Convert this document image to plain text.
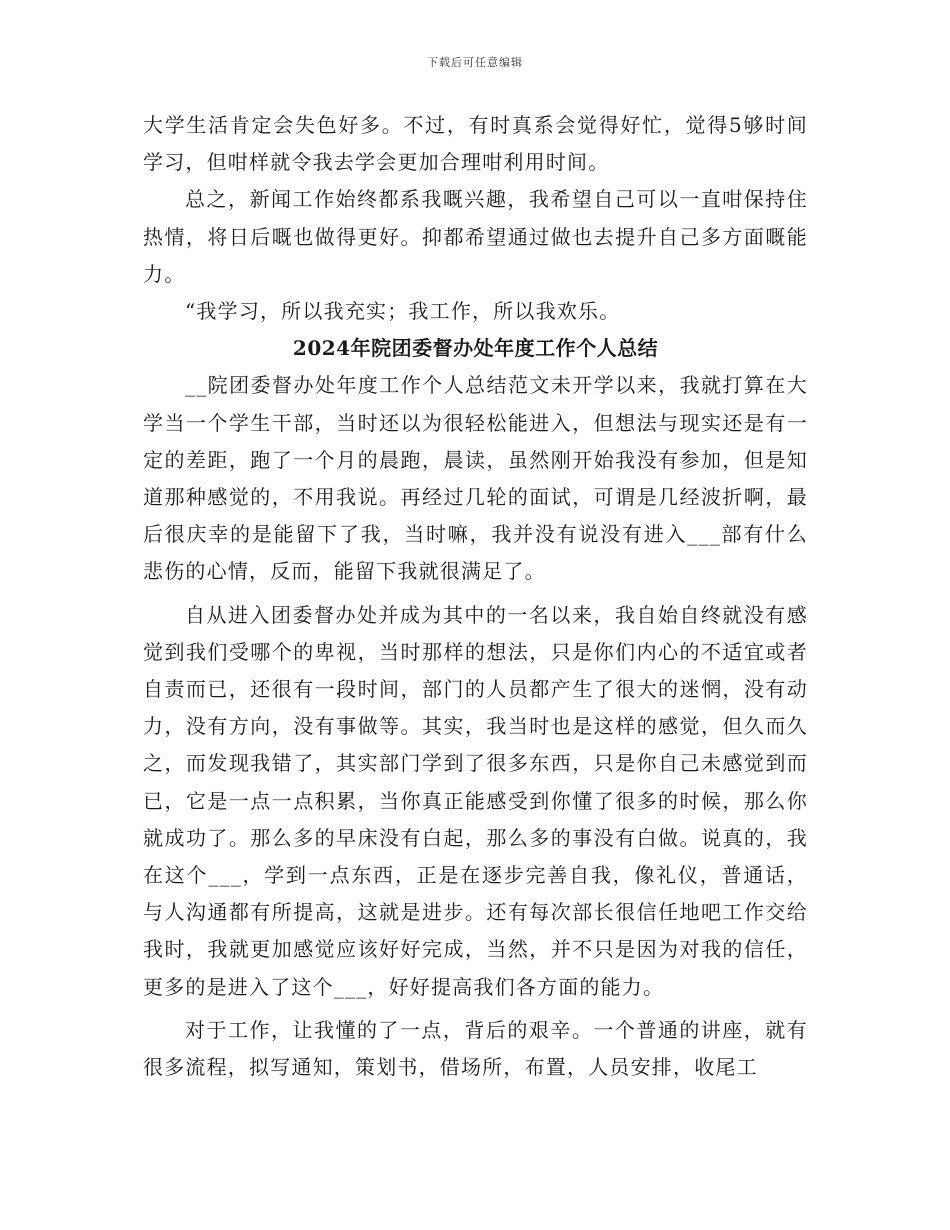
下载后可任意编辑

大学生活肯定会失色好多。不过，有时真系会觉得好忙，觉得5够时间学习，但咁样就令我去学会更加合理咁利用时间。

总之，新闻工作始终都系我嘅兴趣，我希望自己可以一直咁保持住热情，将日后嘅也做得更好。抑都希望通过做也去提升自己多方面嘅能力。

“我学习，所以我充实；我工作，所以我欢乐。

2024年院团委督办处年度工作个人总结

__院团委督办处年度工作个人总结范文未开学以来，我就打算在大学当一个学生干部，当时还以为很轻松能进入，但想法与现实还是有一定的差距，跑了一个月的晨跑，晨读，虽然刚开始我没有参加，但是知道那种感觉的，不用我说。再经过几轮的面试，可谓是几经波折啊，最后很庆幸的是能留下了我，当时嘛，我并没有说没有进入___部有什么悲伤的心情，反而，能留下我就很满足了。

自从进入团委督办处并成为其中的一名以来，我自始自终就没有感觉到我们受哪个的卑视，当时那样的想法，只是你们内心的不适宜或者自责而已，还很有一段时间，部门的人员都产生了很大的迷惘，没有动力，没有方向，没有事做等。其实，我当时也是这样的感觉，但久而久之，而发现我错了，其实部门学到了很多东西，只是你自己未感觉到而已，它是一点一点积累，当你真正能感受到你懂了很多的时候，那么你就成功了。那么多的早床没有白起，那么多的事没有白做。说真的，我在这个___，学到一点东西，正是在逐步完善自我，像礼仪，普通话，与人沟通都有所提高，这就是进步。还有每次部长很信任地吧工作交给我时，我就更加感觉应该好好完成，当然，并不只是因为对我的信任，更多的是进入了这个___，好好提高我们各方面的能力。

对于工作，让我懂的了一点，背后的艰辛。一个普通的讲座，就有很多流程，拟写通知，策划书，借场所，布置，人员安排，收尾工
